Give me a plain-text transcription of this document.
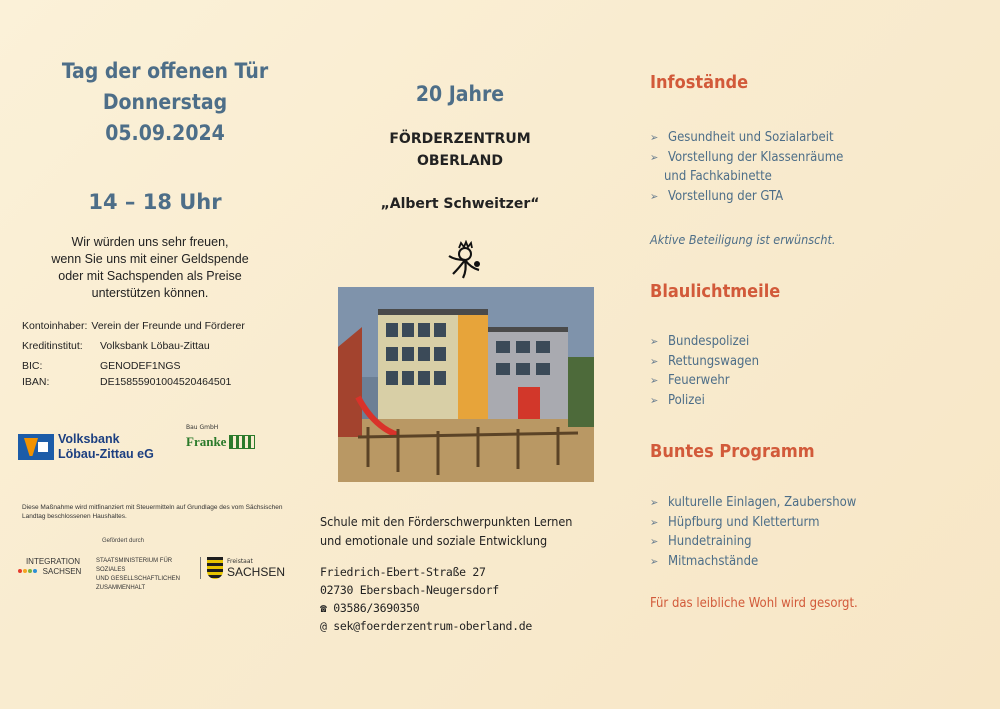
Tag der offenen Tür
Donnerstag
05.09.2024
14 – 18 Uhr
Wir würden uns sehr freuen,
wenn Sie uns mit einer Geldspende
oder mit Sachspenden als Preise
unterstützen können.
Kontoinhaber: Verein der Freunde und Förderer
Kreditinstitut:	Volksbank Löbau-Zittau
BIC:	GENODEF1NGS
IBAN:	DE15855901004520464501
Volksbank
Löbau-Zittau eG
Bau GmbH
Franke
Diese Maßnahme wird mitfinanziert mit Steuermitteln auf Grundlage des vom Sächsischen Landtag beschlossenen Haushaltes.
Gefördert durch
INTEGRATION
SACHSEN
STAATSMINISTERIUM FÜR SOZIALES
UND GESELLSCHAFTLICHEN
ZUSAMMENHALT
Freistaat
SACHSEN
20 Jahre
FÖRDERZENTRUM
OBERLAND
„Albert Schweitzer“
Schule mit den Förderschwerpunkten Lernen
und emotionale und soziale Entwicklung
Friedrich-Ebert-Straße 27
02730 Ebersbach-Neugersdorf
☎ 03586/3690350
@ sek@foerderzentrum-oberland.de
Infostände
➢ Gesundheit und Sozialarbeit
➢ Vorstellung der Klassenräume
und Fachkabinette
➢ Vorstellung der GTA
Aktive Beteiligung ist erwünscht.
Blaulichtmeile
➢ Bundespolizei
➢ Rettungswagen
➢ Feuerwehr
➢ Polizei
Buntes Programm
➢ kulturelle Einlagen, Zaubershow
➢ Hüpfburg und Kletterturm
➢ Hundetraining
➢ Mitmachstände
Für das leibliche Wohl wird gesorgt.
